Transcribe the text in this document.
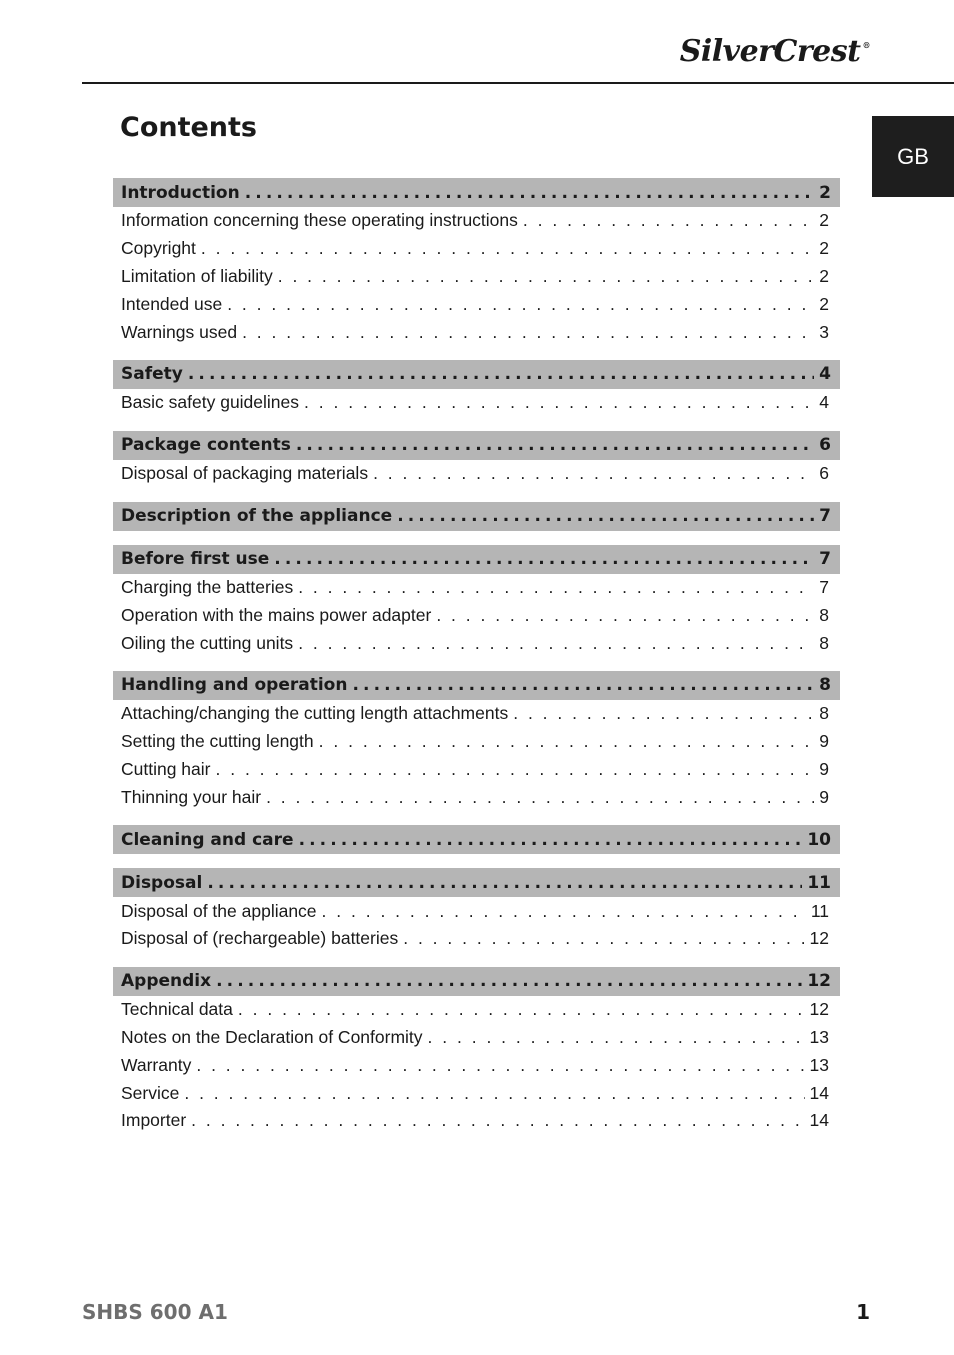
SilverCrest ®
GB
Contents
Introduction .....	2
Information concerning these operating instructions . . .	2
Copyright . . .	2
Limitation of liability . . .	2
Intended use . . .	2
Warnings used . . .	3
Safety .....	4
Basic safety guidelines . . .	4
Package contents .....	6
Disposal of packaging materials . . .	6
Description of the appliance .....	7
Before first use .....	7
Charging the batteries . . .	7
Operation with the mains power adapter . . .	8
Oiling the cutting units . . .	8
Handling and operation .....	8
Attaching/changing the cutting length attachments . . .	8
Setting the cutting length . . .	9
Cutting hair . . .	9
Thinning your hair . . .	9
Cleaning and care .....	10
Disposal .....	11
Disposal of the appliance . . .	11
Disposal of (rechargeable) batteries . . .	12
Appendix .....	12
Technical data . . .	12
Notes on the Declaration of Conformity . . .	13
Warranty . . .	13
Service . . .	14
Importer . . .	14
SHBS 600 A1	1
